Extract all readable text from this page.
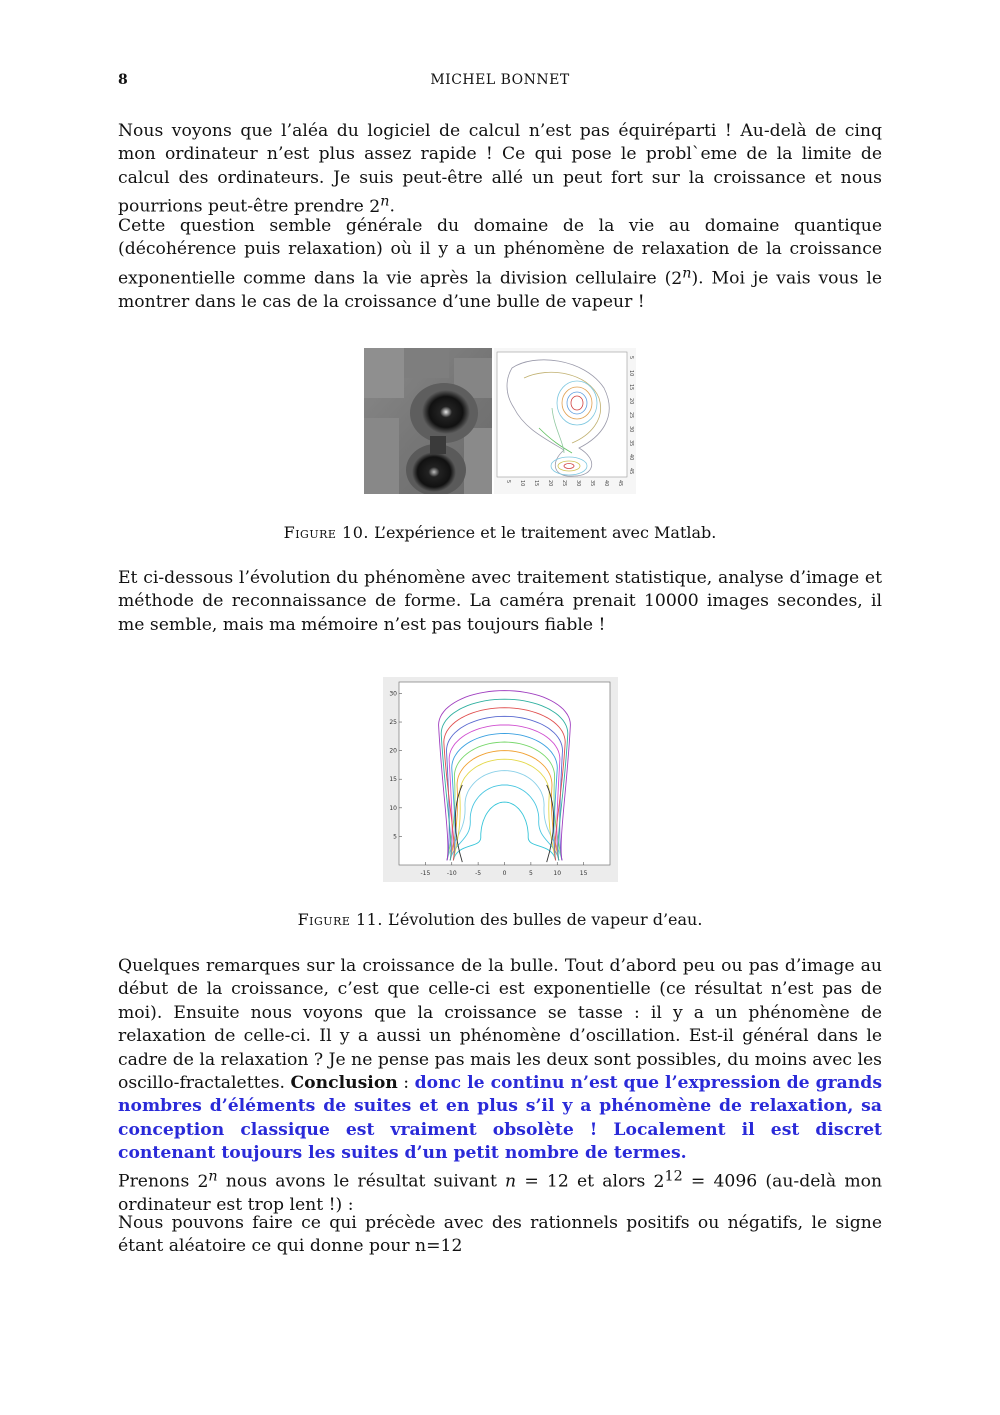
8	MICHEL BONNET

Nous voyons que l’aléa du logiciel de calcul n’est pas équiréparti ! Au-delà de cinq mon ordinateur n’est plus assez rapide ! Ce qui pose le probl`eme de la limite de calcul des ordinateurs. Je suis peut-être allé un peut fort sur la croissance et nous pourrions peut-être prendre 2$^n$.

Cette question semble générale du domaine de la vie au domaine quantique (décohérence puis relaxation) où il y a un phénomène de relaxation de la croissance exponentielle comme dans la vie après la division cellulaire (2$^n$). Moi je vais vous le montrer dans le cas de la croissance d’une bulle de vapeur !

5 10 15 20 25 30 35 40 45
5
10
15
20
25
30
35
40
45
Figure 10. L’expérience et le traitement avec Matlab.

Et ci-dessous l’évolution du phénomène avec traitement statistique, analyse d’image et méthode de reconnaissance de forme. La caméra prenait 10000 images secondes, il me semble, mais ma mémoire n’est pas toujours fiable !

-15	-10	-5	0	5	10	15
5
10
15
20
25
30
Figure 11. L’évolution des bulles de vapeur d’eau.

Quelques remarques sur la croissance de la bulle. Tout d’abord peu ou pas d’image au début de la croissance, c’est que celle-ci est exponentielle (ce résultat n’est pas de moi). Ensuite nous voyons que la croissance se tasse : il y a un phénomène de relaxation de celle-ci. Il y a aussi un phénomène d’oscillation. Est-il général dans le cadre de la relaxation ? Je ne pense pas mais les deux sont possibles, du moins avec les oscillo-fractalettes. Conclusion : donc le continu n’est que l’expression de grands nombres d’éléments de suites et en plus s’il y a phénomène de relaxation, sa conception classique est vraiment obsolète ! Localement il est discret contenant toujours les suites d’un petit nombre de termes.

Prenons 2$^n$ nous avons le résultat suivant n = 12 et alors $2^{12} = 4096$ (au-delà mon ordinateur est trop lent !) :

Nous pouvons faire ce qui précède avec des rationnels positifs ou négatifs, le signe étant aléatoire ce qui donne pour n=12
